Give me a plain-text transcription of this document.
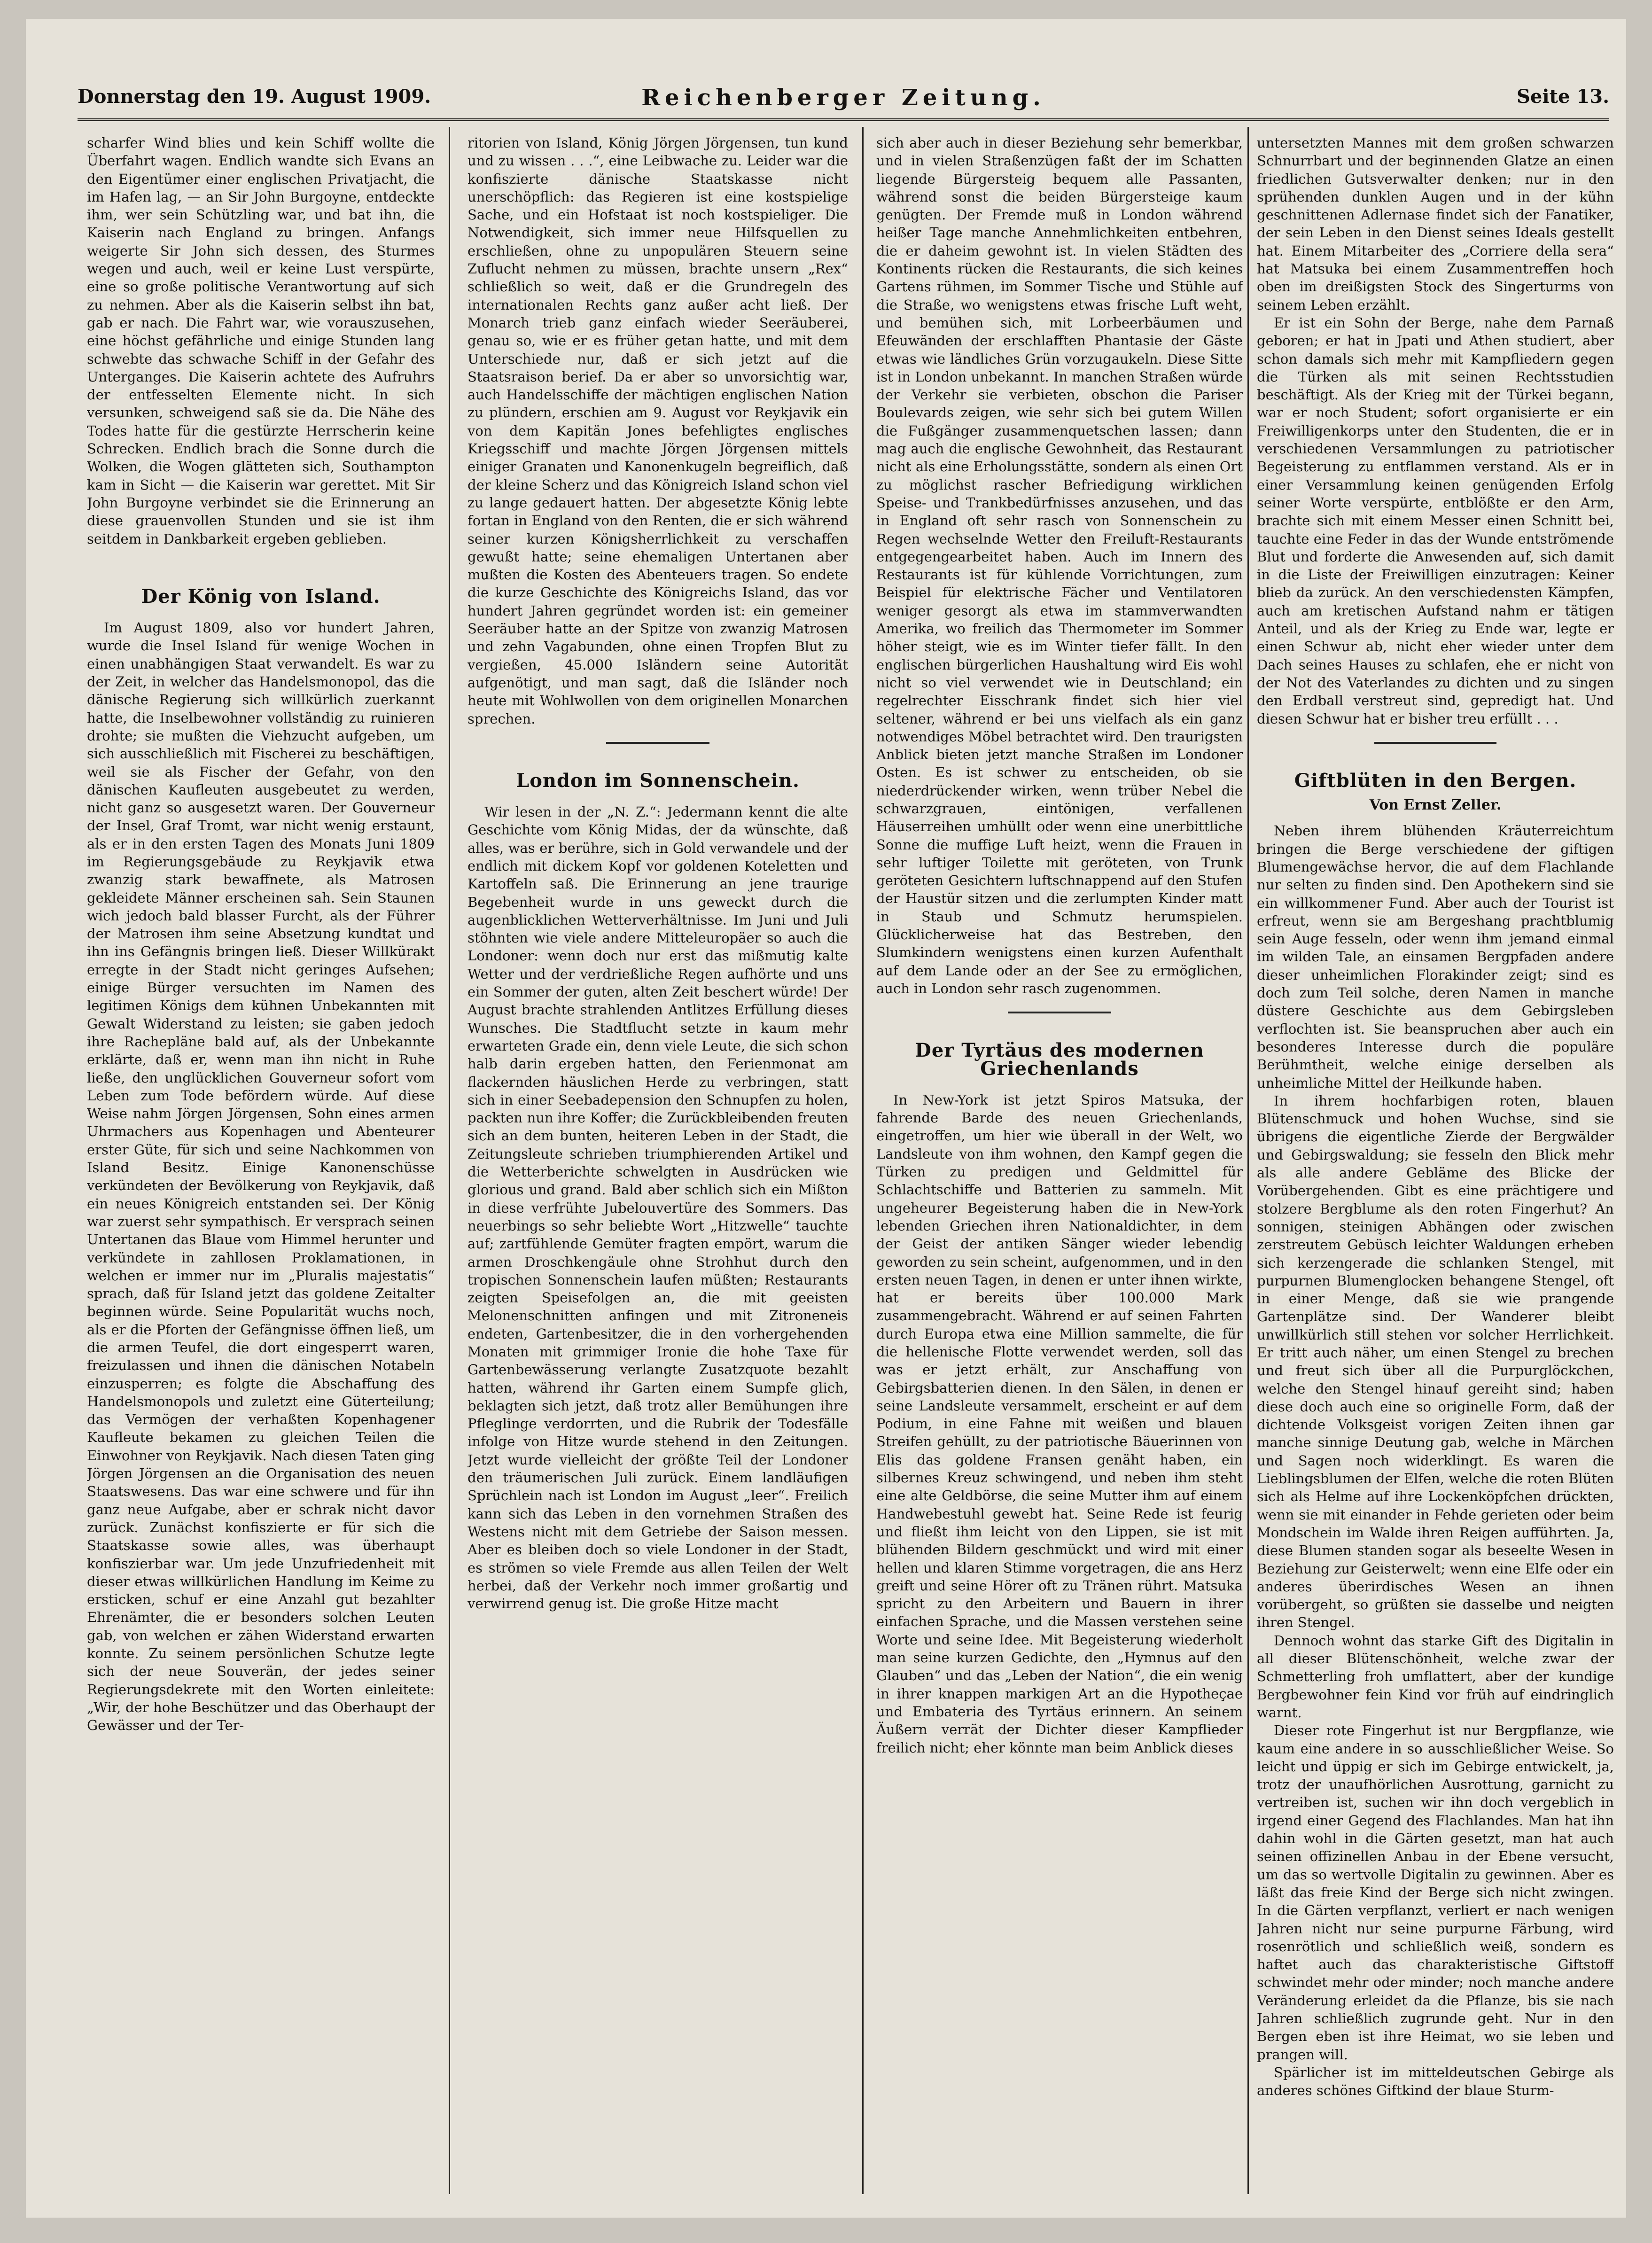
Donnerstag den 19. August 1909.	Reichenberger Zeitung.	Seite 13.

scharfer Wind blies und kein Schiff wollte die Überfahrt wagen. Endlich wandte sich Evans an den Eigentümer einer englischen Privatjacht, die im Hafen lag, — an Sir John Burgoyne, entdeckte ihm, wer sein Schützling war, und bat ihn, die Kaiserin nach England zu bringen. Anfangs weigerte Sir John sich dessen, des Sturmes wegen und auch, weil er keine Lust verspürte, eine so große politische Verantwortung auf sich zu nehmen. Aber als die Kaiserin selbst ihn bat, gab er nach. Die Fahrt war, wie vorauszusehen, eine höchst gefährliche und einige Stunden lang schwebte das schwache Schiff in der Gefahr des Unterganges. Die Kaiserin achtete des Aufruhrs der entfesselten Elemente nicht. In sich versunken, schweigend saß sie da. Die Nähe des Todes hatte für die gestürzte Herrscherin keine Schrecken. Endlich brach die Sonne durch die Wolken, die Wogen glätteten sich, Southampton kam in Sicht — die Kaiserin war gerettet. Mit Sir John Burgoyne verbindet sie die Erinnerung an diese grauenvollen Stunden und sie ist ihm seitdem in Dankbarkeit ergeben geblieben.

Der König von Island.

Im August 1809, also vor hundert Jahren, wurde die Insel Island für wenige Wochen in einen unabhängigen Staat verwandelt. Es war zu der Zeit, in welcher das Handelsmonopol, das die dänische Regierung sich willkürlich zuerkannt hatte, die Inselbewohner vollständig zu ruinieren drohte; sie mußten die Viehzucht aufgeben, um sich ausschließlich mit Fischerei zu beschäftigen, weil sie als Fischer der Gefahr, von den dänischen Kaufleuten ausgebeutet zu werden, nicht ganz so ausgesetzt waren. Der Gouverneur der Insel, Graf Tromt, war nicht wenig erstaunt, als er in den ersten Tagen des Monats Juni 1809 im Regierungsgebäude zu Reykjavik etwa zwanzig stark bewaffnete, als Matrosen gekleidete Männer erscheinen sah. Sein Staunen wich jedoch bald blasser Furcht, als der Führer der Matrosen ihm seine Absetzung kundtat und ihn ins Gefängnis bringen ließ. Dieser Willkürakt erregte in der Stadt nicht geringes Aufsehen; einige Bürger versuchten im Namen des legitimen Königs dem kühnen Unbekannten mit Gewalt Widerstand zu leisten; sie gaben jedoch ihre Rachepläne bald auf, als der Unbekannte erklärte, daß er, wenn man ihn nicht in Ruhe ließe, den unglücklichen Gouverneur sofort vom Leben zum Tode befördern würde. Auf diese Weise nahm Jörgen Jörgensen, Sohn eines armen Uhrmachers aus Kopenhagen und Abenteurer erster Güte, für sich und seine Nachkommen von Island Besitz. Einige Kanonenschüsse verkündeten der Bevölkerung von Reykjavik, daß ein neues Königreich entstanden sei. Der König war zuerst sehr sympathisch. Er versprach seinen Untertanen das Blaue vom Himmel herunter und verkündete in zahllosen Proklamationen, in welchen er immer nur im „Pluralis majestatis“ sprach, daß für Island jetzt das goldene Zeitalter beginnen würde. Seine Popularität wuchs noch, als er die Pforten der Gefängnisse öffnen ließ, um die armen Teufel, die dort eingesperrt waren, freizulassen und ihnen die dänischen Notabeln einzusperren; es folgte die Abschaffung des Handelsmonopols und zuletzt eine Güterteilung; das Vermögen der verhaßten Kopenhagener Kaufleute bekamen zu gleichen Teilen die Einwohner von Reykjavik. Nach diesen Taten ging Jörgen Jörgensen an die Organisation des neuen Staatswesens. Das war eine schwere und für ihn ganz neue Aufgabe, aber er schrak nicht davor zurück. Zunächst konfiszierte er für sich die Staatskasse sowie alles, was überhaupt konfiszierbar war. Um jede Unzufriedenheit mit dieser etwas willkürlichen Handlung im Keime zu ersticken, schuf er eine Anzahl gut bezahlter Ehrenämter, die er besonders solchen Leuten gab, von welchen er zähen Widerstand erwarten konnte. Zu seinem persönlichen Schutze legte sich der neue Souverän, der jedes seiner Regierungsdekrete mit den Worten einleitete: „Wir, der hohe Beschützer und das Oberhaupt der Gewässer und der Ter-

ritorien von Island, König Jörgen Jörgensen, tun kund und zu wissen . . .“, eine Leibwache zu. Leider war die konfiszierte dänische Staatskasse nicht unerschöpflich: das Regieren ist eine kostspielige Sache, und ein Hofstaat ist noch kostspieliger. Die Notwendigkeit, sich immer neue Hilfsquellen zu erschließen, ohne zu unpopulären Steuern seine Zuflucht nehmen zu müssen, brachte unsern „Rex“ schließlich so weit, daß er die Grundregeln des internationalen Rechts ganz außer acht ließ. Der Monarch trieb ganz einfach wieder Seeräuberei, genau so, wie er es früher getan hatte, und mit dem Unterschiede nur, daß er sich jetzt auf die Staatsraison berief. Da er aber so unvorsichtig war, auch Handelsschiffe der mächtigen englischen Nation zu plündern, erschien am 9. August vor Reykjavik ein von dem Kapitän Jones befehligtes englisches Kriegsschiff und machte Jörgen Jörgensen mittels einiger Granaten und Kanonenkugeln begreiflich, daß der kleine Scherz und das Königreich Island schon viel zu lange gedauert hatten. Der abgesetzte König lebte fortan in England von den Renten, die er sich während seiner kurzen Königsherrlichkeit zu verschaffen gewußt hatte; seine ehemaligen Untertanen aber mußten die Kosten des Abenteuers tragen. So endete die kurze Geschichte des Königreichs Island, das vor hundert Jahren gegründet worden ist: ein gemeiner Seeräuber hatte an der Spitze von zwanzig Matrosen und zehn Vagabunden, ohne einen Tropfen Blut zu vergießen, 45.000 Isländern seine Autorität aufgenötigt, und man sagt, daß die Isländer noch heute mit Wohlwollen von dem originellen Monarchen sprechen.

London im Sonnenschein.

Wir lesen in der „N. Z.“: Jedermann kennt die alte Geschichte vom König Midas, der da wünschte, daß alles, was er berühre, sich in Gold verwandele und der endlich mit dickem Kopf vor goldenen Koteletten und Kartoffeln saß. Die Erinnerung an jene traurige Begebenheit wurde in uns geweckt durch die augenblicklichen Wetterverhältnisse. Im Juni und Juli stöhnten wie viele andere Mitteleuropäer so auch die Londoner: wenn doch nur erst das mißmutig kalte Wetter und der verdrießliche Regen aufhörte und uns ein Sommer der guten, alten Zeit beschert würde! Der August brachte strahlenden Antlitzes Erfüllung dieses Wunsches. Die Stadtflucht setzte in kaum mehr erwarteten Grade ein, denn viele Leute, die sich schon halb darin ergeben hatten, den Ferienmonat am flackernden häuslichen Herde zu verbringen, statt sich in einer Seebadepension den Schnupfen zu holen, packten nun ihre Koffer; die Zurückbleibenden freuten sich an dem bunten, heiteren Leben in der Stadt, die Zeitungsleute schrieben triumphierenden Artikel und die Wetterberichte schwelgten in Ausdrücken wie glorious und grand. Bald aber schlich sich ein Mißton in diese verfrühte Jubelouvertüre des Sommers. Das neuerbings so sehr beliebte Wort „Hitzwelle“ tauchte auf; zartfühlende Gemüter fragten empört, warum die armen Droschkengäule ohne Strohhut durch den tropischen Sonnenschein laufen müßten; Restaurants zeigten Speisefolgen an, die mit geeisten Melonenschnitten anfingen und mit Zitroneneis endeten, Gartenbesitzer, die in den vorhergehenden Monaten mit grimmiger Ironie die hohe Taxe für Gartenbewässerung verlangte Zusatzquote bezahlt hatten, während ihr Garten einem Sumpfe glich, beklagten sich jetzt, daß trotz aller Bemühungen ihre Pfleglinge verdorrten, und die Rubrik der Todesfälle infolge von Hitze wurde stehend in den Zeitungen. Jetzt wurde vielleicht der größte Teil der Londoner den träumerischen Juli zurück. Einem landläufigen Sprüchlein nach ist London im August „leer“. Freilich kann sich das Leben in den vornehmen Straßen des Westens nicht mit dem Getriebe der Saison messen. Aber es bleiben doch so viele Londoner in der Stadt, es strömen so viele Fremde aus allen Teilen der Welt herbei, daß der Verkehr noch immer großartig und verwirrend genug ist. Die große Hitze macht

sich aber auch in dieser Beziehung sehr bemerkbar, und in vielen Straßenzügen faßt der im Schatten liegende Bürgersteig bequem alle Passanten, während sonst die beiden Bürgersteige kaum genügten. Der Fremde muß in London während heißer Tage manche Annehmlichkeiten entbehren, die er daheim gewohnt ist. In vielen Städten des Kontinents rücken die Restaurants, die sich keines Gartens rühmen, im Sommer Tische und Stühle auf die Straße, wo wenigstens etwas frische Luft weht, und bemühen sich, mit Lorbeerbäumen und Efeuwänden der erschlafften Phantasie der Gäste etwas wie ländliches Grün vorzugaukeln. Diese Sitte ist in London unbekannt. In manchen Straßen würde der Verkehr sie verbieten, obschon die Pariser Boulevards zeigen, wie sehr sich bei gutem Willen die Fußgänger zusammenquetschen lassen; dann mag auch die englische Gewohnheit, das Restaurant nicht als eine Erholungsstätte, sondern als einen Ort zu möglichst rascher Befriedigung wirklichen Speise- und Trankbedürfnisses anzusehen, und das in England oft sehr rasch von Sonnenschein zu Regen wechselnde Wetter den Freiluft-Restaurants entgegengearbeitet haben. Auch im Innern des Restaurants ist für kühlende Vorrichtungen, zum Beispiel für elektrische Fächer und Ventilatoren weniger gesorgt als etwa im stammverwandten Amerika, wo freilich das Thermometer im Sommer höher steigt, wie es im Winter tiefer fällt. In den englischen bürgerlichen Haushaltung wird Eis wohl nicht so viel verwendet wie in Deutschland; ein regelrechter Eisschrank findet sich hier viel seltener, während er bei uns vielfach als ein ganz notwendiges Möbel betrachtet wird. Den traurigsten Anblick bieten jetzt manche Straßen im Londoner Osten. Es ist schwer zu entscheiden, ob sie niederdrückender wirken, wenn trüber Nebel die schwarzgrauen, eintönigen, verfallenen Häuserreihen umhüllt oder wenn eine unerbittliche Sonne die muffige Luft heizt, wenn die Frauen in sehr luftiger Toilette mit geröteten, von Trunk geröteten Gesichtern luftschnappend auf den Stufen der Haustür sitzen und die zerlumpten Kinder matt in Staub und Schmutz herumspielen. Glücklicherweise hat das Bestreben, den Slumkindern wenigstens einen kurzen Aufenthalt auf dem Lande oder an der See zu ermöglichen, auch in London sehr rasch zugenommen.

Der Tyrtäus des modernen Griechenlands

In New-York ist jetzt Spiros Matsuka, der fahrende Barde des neuen Griechenlands, eingetroffen, um hier wie überall in der Welt, wo Landsleute von ihm wohnen, den Kampf gegen die Türken zu predigen und Geldmittel für Schlachtschiffe und Batterien zu sammeln. Mit ungeheurer Begeisterung haben die in New-York lebenden Griechen ihren Nationaldichter, in dem der Geist der antiken Sänger wieder lebendig geworden zu sein scheint, aufgenommen, und in den ersten neuen Tagen, in denen er unter ihnen wirkte, hat er bereits über 100.000 Mark zusammengebracht. Während er auf seinen Fahrten durch Europa etwa eine Million sammelte, die für die hellenische Flotte verwendet werden, soll das was er jetzt erhält, zur Anschaffung von Gebirgsbatterien dienen. In den Sälen, in denen er seine Landsleute versammelt, erscheint er auf dem Podium, in eine Fahne mit weißen und blauen Streifen gehüllt, zu der patriotische Bäuerinnen von Elis das goldene Fransen genäht haben, ein silbernes Kreuz schwingend, und neben ihm steht eine alte Geldbörse, die seine Mutter ihm auf einem Handwebestuhl gewebt hat. Seine Rede ist feurig und fließt ihm leicht von den Lippen, sie ist mit blühenden Bildern geschmückt und wird mit einer hellen und klaren Stimme vorgetragen, die ans Herz greift und seine Hörer oft zu Tränen rührt. Matsuka spricht zu den Arbeitern und Bauern in ihrer einfachen Sprache, und die Massen verstehen seine Worte und seine Idee. Mit Begeisterung wiederholt man seine kurzen Gedichte, den „Hymnus auf den Glauben“ und das „Leben der Nation“, die ein wenig in ihrer knappen markigen Art an die Hypotheçae und Embateria des Tyrtäus erinnern. An seinem Äußern verrät der Dichter dieser Kampflieder freilich nicht; eher könnte man beim Anblick dieses

untersetzten Mannes mit dem großen schwarzen Schnurrbart und der beginnenden Glatze an einen friedlichen Gutsverwalter denken; nur in den sprühenden dunklen Augen und in der kühn geschnittenen Adlernase findet sich der Fanatiker, der sein Leben in den Dienst seines Ideals gestellt hat. Einem Mitarbeiter des „Corriere della sera“ hat Matsuka bei einem Zusammentreffen hoch oben im dreißigsten Stock des Singerturms von seinem Leben erzählt.

Er ist ein Sohn der Berge, nahe dem Parnaß geboren; er hat in Jpati und Athen studiert, aber schon damals sich mehr mit Kampfliedern gegen die Türken als mit seinen Rechtsstudien beschäftigt. Als der Krieg mit der Türkei begann, war er noch Student; sofort organisierte er ein Freiwilligenkorps unter den Studenten, die er in verschiedenen Versammlungen zu patriotischer Begeisterung zu entflammen verstand. Als er in einer Versammlung keinen genügenden Erfolg seiner Worte verspürte, entblößte er den Arm, brachte sich mit einem Messer einen Schnitt bei, tauchte eine Feder in das der Wunde entströmende Blut und forderte die Anwesenden auf, sich damit in die Liste der Freiwilligen einzutragen: Keiner blieb da zurück. An den verschiedensten Kämpfen, auch am kretischen Aufstand nahm er tätigen Anteil, und als der Krieg zu Ende war, legte er einen Schwur ab, nicht eher wieder unter dem Dach seines Hauses zu schlafen, ehe er nicht von der Not des Vaterlandes zu dichten und zu singen den Erdball verstreut sind, gepredigt hat. Und diesen Schwur hat er bisher treu erfüllt . . .

Giftblüten in den Bergen.
Von Ernst Zeller.

Neben ihrem blühenden Kräuterreichtum bringen die Berge verschiedene der giftigen Blumengewächse hervor, die auf dem Flachlande nur selten zu finden sind. Den Apothekern sind sie ein willkommener Fund. Aber auch der Tourist ist erfreut, wenn sie am Bergeshang prachtblumig sein Auge fesseln, oder wenn ihm jemand einmal im wilden Tale, an einsamen Bergpfaden andere dieser unheimlichen Florakinder zeigt; sind es doch zum Teil solche, deren Namen in manche düstere Geschichte aus dem Gebirgsleben verflochten ist. Sie beanspruchen aber auch ein besonderes Interesse durch die populäre Berühmtheit, welche einige derselben als unheimliche Mittel der Heilkunde haben.

In ihrem hochfarbigen roten, blauen Blütenschmuck und hohen Wuchse, sind sie übrigens die eigentliche Zierde der Bergwälder und Gebirgswaldung; sie fesseln den Blick mehr als alle andere Gebläme des Blicke der Vorübergehenden. Gibt es eine prächtigere und stolzere Bergblume als den roten Fingerhut? An sonnigen, steinigen Abhängen oder zwischen zerstreutem Gebüsch leichter Waldungen erheben sich kerzengerade die schlanken Stengel, mit purpurnen Blumenglocken behangene Stengel, oft in einer Menge, daß sie wie prangende Gartenplätze sind. Der Wanderer bleibt unwillkürlich still stehen vor solcher Herrlichkeit. Er tritt auch näher, um einen Stengel zu brechen und freut sich über all die Purpurglöckchen, welche den Stengel hinauf gereiht sind; haben diese doch auch eine so originelle Form, daß der dichtende Volksgeist vorigen Zeiten ihnen gar manche sinnige Deutung gab, welche in Märchen und Sagen noch widerklingt. Es waren die Lieblingsblumen der Elfen, welche die roten Blüten sich als Helme auf ihre Lockenköpfchen drückten, wenn sie mit einander in Fehde gerieten oder beim Mondschein im Walde ihren Reigen aufführten. Ja, diese Blumen standen sogar als beseelte Wesen in Beziehung zur Geisterwelt; wenn eine Elfe oder ein anderes überirdisches Wesen an ihnen vorübergeht, so grüßten sie dasselbe und neigten ihren Stengel.

Dennoch wohnt das starke Gift des Digitalin in all dieser Blütenschönheit, welche zwar der Schmetterling froh umflattert, aber der kundige Bergbewohner fein Kind vor früh auf eindringlich warnt.

Dieser rote Fingerhut ist nur Bergpflanze, wie kaum eine andere in so ausschließlicher Weise. So leicht und üppig er sich im Gebirge entwickelt, ja, trotz der unaufhörlichen Ausrottung, garnicht zu vertreiben ist, suchen wir ihn doch vergeblich in irgend einer Gegend des Flachlandes. Man hat ihn dahin wohl in die Gärten gesetzt, man hat auch seinen offizinellen Anbau in der Ebene versucht, um das so wertvolle Digitalin zu gewinnen. Aber es läßt das freie Kind der Berge sich nicht zwingen. In die Gärten verpflanzt, verliert er nach wenigen Jahren nicht nur seine purpurne Färbung, wird rosenrötlich und schließlich weiß, sondern es haftet auch das charakteristische Giftstoff schwindet mehr oder minder; noch manche andere Veränderung erleidet da die Pflanze, bis sie nach Jahren schließlich zugrunde geht. Nur in den Bergen eben ist ihre Heimat, wo sie leben und prangen will.

Spärlicher ist im mitteldeutschen Gebirge als anderes schönes Giftkind der blaue Sturm-
